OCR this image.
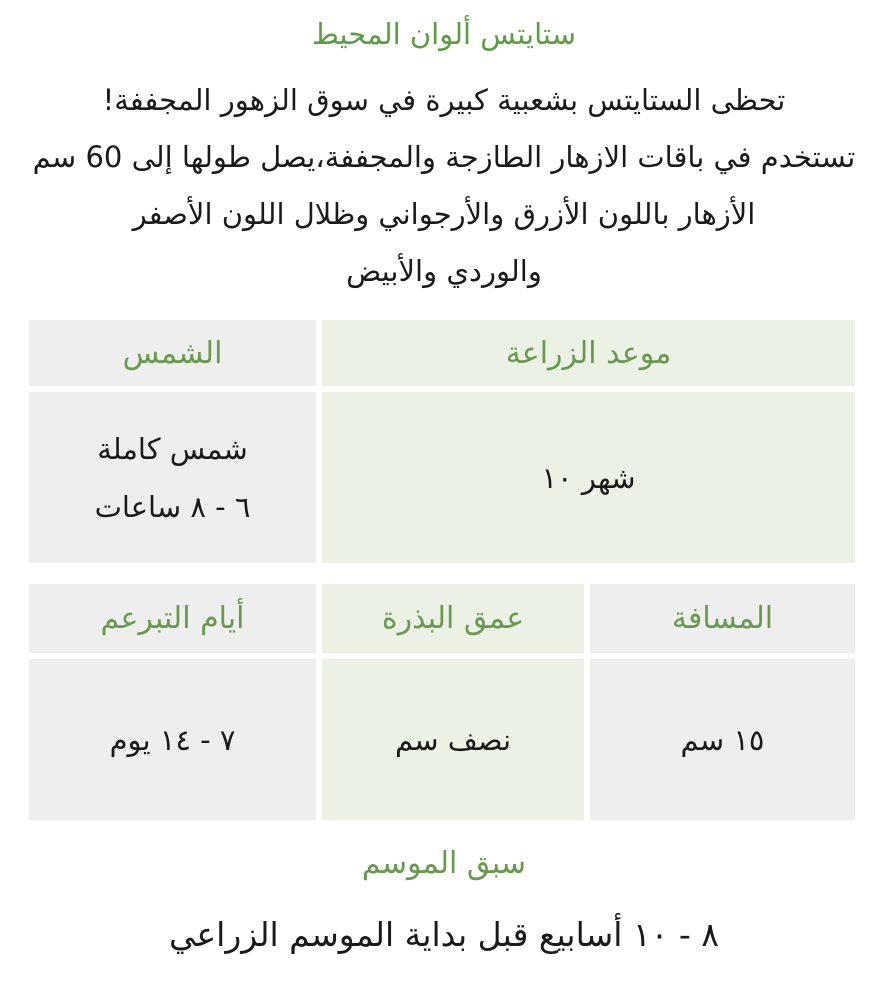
ستايتس ألوان المحيط
تحظى الستايتس بشعبية كبيرة في سوق الزهور المجففة!
تستخدم في باقات الازهار الطازجة والمجففة،يصل طولها إلى 60 سم
الأزهار باللون الأزرق والأرجواني وظلال اللون الأصفر
والوردي والأبيض
موعد الزراعة
الشمس
شهر ١٠
شمس كاملة
٦ - ٨ ساعات
المسافة
عمق البذرة
أيام التبرعم
١٥ سم
نصف سم
٧ - ١٤ يوم
سبق الموسم
٨ - ١٠ أسابيع قبل بداية الموسم الزراعي
